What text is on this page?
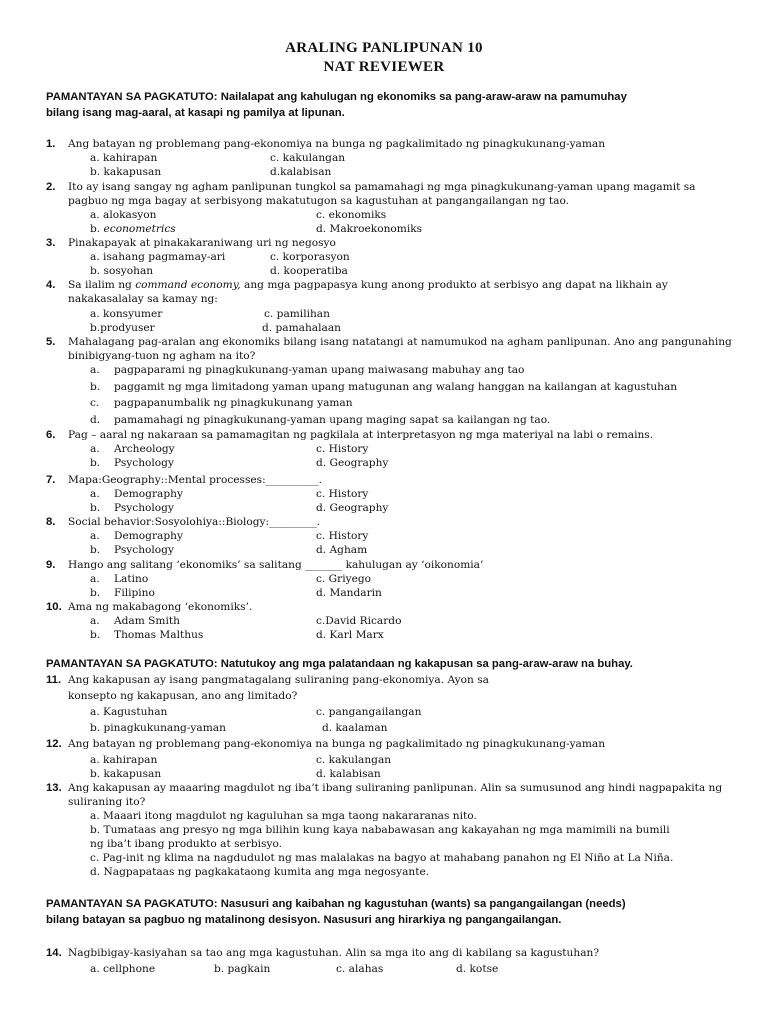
ARALING PANLIPUNAN 10
NAT REVIEWER
PAMANTAYAN SA PAGKATUTO: Nailalapat ang kahulugan ng ekonomiks sa pang-araw-araw na pamumuhay
bilang isang mag-aaral, at kasapi ng pamilya at lipunan.
1. Ang batayan ng problemang pang-ekonomiya na bunga ng pagkalimitado ng pinagkukunang-yaman
a. kahirapan	c. kakulangan
b. kakapusan	d.kalabisan
2. Ito ay isang sangay ng agham panlipunan tungkol sa pamamahagi ng mga pinagkukunang-yaman upang magamit sa pagbuo ng mga bagay at serbisyong makatutugon sa kagustuhan at pangangailangan ng tao.
a. alokasyon	c. ekonomiks
b. econometrics	d. Makroekonomiks
3. Pinakapayak at pinakakaraniwang uri ng negosyo
a. isahang pagmamay-ari	c. korporasyon
b. sosyohan	d. kooperatiba
4. Sa ilalim ng command economy, ang mga pagpapasya kung anong produkto at serbisyo ang dapat na likhain ay nakakasalalay sa kamay ng:
a. konsyumer	c. pamilihan
b.prodyuser	d. pamahalaan
5. Mahalagang pag-aralan ang ekonomiks bilang isang natatangi at namumukod na agham panlipunan. Ano ang pangunahing binibigyang-tuon ng agham na ito?
a. pagpaparami ng pinagkukunang-yaman upang maiwasang mabuhay ang tao
b. paggamit ng mga limitadong yaman upang matugunan ang walang hanggan na kailangan at kagustuhan
c. pagpapanumbalik ng pinagkukunang yaman
d. pamamahagi ng pinagkukunang-yaman upang maging sapat sa kailangan ng tao.
6. Pag – aaral ng nakaraan sa pamamagitan ng pagkilala at interpretasyon ng mga materiyal na labi o remains.
a. Archeology	c. History
b. Psychology	d. Geography
7. Mapa:Geography::Mental processes:__________.
a. Demography	c. History
b. Psychology	d. Geography
8. Social behavior:Sosyolohiya::Biology:_________.
a. Demography	c. History
b. Psychology	d. Agham
9. Hango ang salitang ‘ekonomiks’ sa salitang _______ kahulugan ay ‘oikonomia’
a. Latino	c. Griyego
b. Filipino	d. Mandarin
10. Ama ng makabagong ‘ekonomiks’.
a. Adam Smith	c.David Ricardo
b. Thomas Malthus	d. Karl Marx
PAMANTAYAN SA PAGKATUTO: Natutukoy ang mga palatandaan ng kakapusan sa pang-araw-araw na buhay.
11. Ang kakapusan ay isang pangmatagalang suliraning pang-ekonomiya. Ayon sa
konsepto ng kakapusan, ano ang limitado?
a. Kagustuhan	c. pangangailangan
b. pinagkukunang-yaman	d. kaalaman
12. Ang batayan ng problemang pang-ekonomiya na bunga ng pagkalimitado ng pinagkukunang-yaman
a. kahirapan	c. kakulangan
b. kakapusan	d. kalabisan
13. Ang kakapusan ay maaaring magdulot ng iba’t ibang suliraning panlipunan. Alin sa sumusunod ang hindi nagpapakita ng suliraning ito?
a. Maaari itong magdulot ng kaguluhan sa mga taong nakararanas nito.
b. Tumataas ang presyo ng mga bilihin kung kaya nababawasan ang kakayahan ng mga mamimili na bumili
ng iba’t ibang produkto at serbisyo.
c. Pag-init ng klima na nagdudulot ng mas malalakas na bagyo at mahabang panahon ng El Niño at La Niña.
d. Nagpapataas ng pagkakataong kumita ang mga negosyante.
PAMANTAYAN SA PAGKATUTO: Nasusuri ang kaibahan ng kagustuhan (wants) sa pangangailangan (needs)
bilang batayan sa pagbuo ng matalinong desisyon. Nasusuri ang hirarkiya ng pangangailangan.
14. Nagbibigay-kasiyahan sa tao ang mga kagustuhan. Alin sa mga ito ang di kabilang sa kagustuhan?
a. cellphone	b. pagkain	c. alahas	d. kotse
